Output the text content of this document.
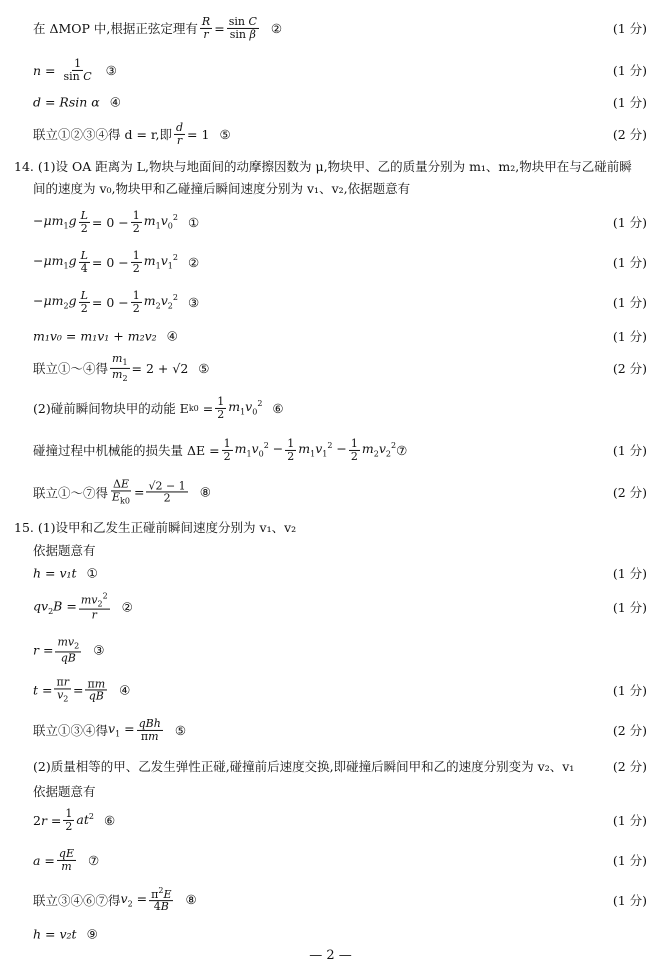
在 ΔMOP 中,根据正弦定理有 $\frac{R}{r} = \frac{\text{sin C}}{\text{sin β}}$ ②	(1 分)
$n = \frac{1}{\text{sin C}}$ ③	(1 分)
d = Rsin α ④	(1 分)
联立①②③④得 d = r,即 $\frac{d}{r} = 1$ ⑤	(2 分)
14. (1)设 OA 距离为 L,物块与地面间的动摩擦因数为 μ,物块甲、乙的质量分别为 m₁、m₂,物块甲在与乙碰前瞬
间的速度为 v₀,物块甲和乙碰撞后瞬间速度分别为 v₁、v₂,依据题意有
$-\mu m_1g \frac{L}{2} = 0 - \frac{1}{2} m_1v_0^2$ ①	(1 分)
$-\mu m_1g \frac{L}{4} = 0 - \frac{1}{2} m_1v_1^2$ ②	(1 分)
$-\mu m_2g \frac{L}{2} = 0 - \frac{1}{2} m_2v_2^2$ ③	(1 分)
m₁v₀ = m₁v₁ + m₂v₂ ④	(1 分)
联立①～④得 $\frac{m_1}{m_2} = 2 + √2$ ⑤	(2 分)
(2)碰前瞬间物块甲的动能 E $k0 = \frac{1}{2} m_1v_0^2$ ⑥
碰撞过程中机械能的损失量 $\Delta E = \frac{1}{2} m_1v_0^2 - \frac{1}{2} m_1v_1^2 - \frac{1}{2} m_2v_2^2$ ⑦	(1 分)
联立①～⑦得 $\frac{\Delta E}{E_{k0}} = \frac{√2 - 1}{2}$ ⑧	(2 分)
15. (1)设甲和乙发生正碰前瞬间速度分别为 v₁、v₂
依据题意有
h = v₁t ①	(1 分)
$qv_2B = \frac{mv_2^2}{r}$ ②	(1 分)
$r = \frac{mv_2}{qB}$ ③
$t = \frac{\pi r}{v_2} = \frac{\pi m}{qB}$ ④	(1 分)
联立①③④得 $v_1 = \frac{\text{qBh}}{\pi m}$ ⑤	(2 分)
(2)质量相等的甲、乙发生弹性正碰,碰撞前后速度交换,即碰撞后瞬间甲和乙的速度分别变为 v₂、v₁	(2 分)
依据题意有
$2r = \frac{1}{2} at^2$ ⑥	(1 分)
$a = \frac{qE}{m}$ ⑦	(1 分)
联立③④⑥⑦得 $v_2 = \frac{\pi^2E}{4B}$ ⑧	(1 分)
h = v₂t ⑨
— 2 —
